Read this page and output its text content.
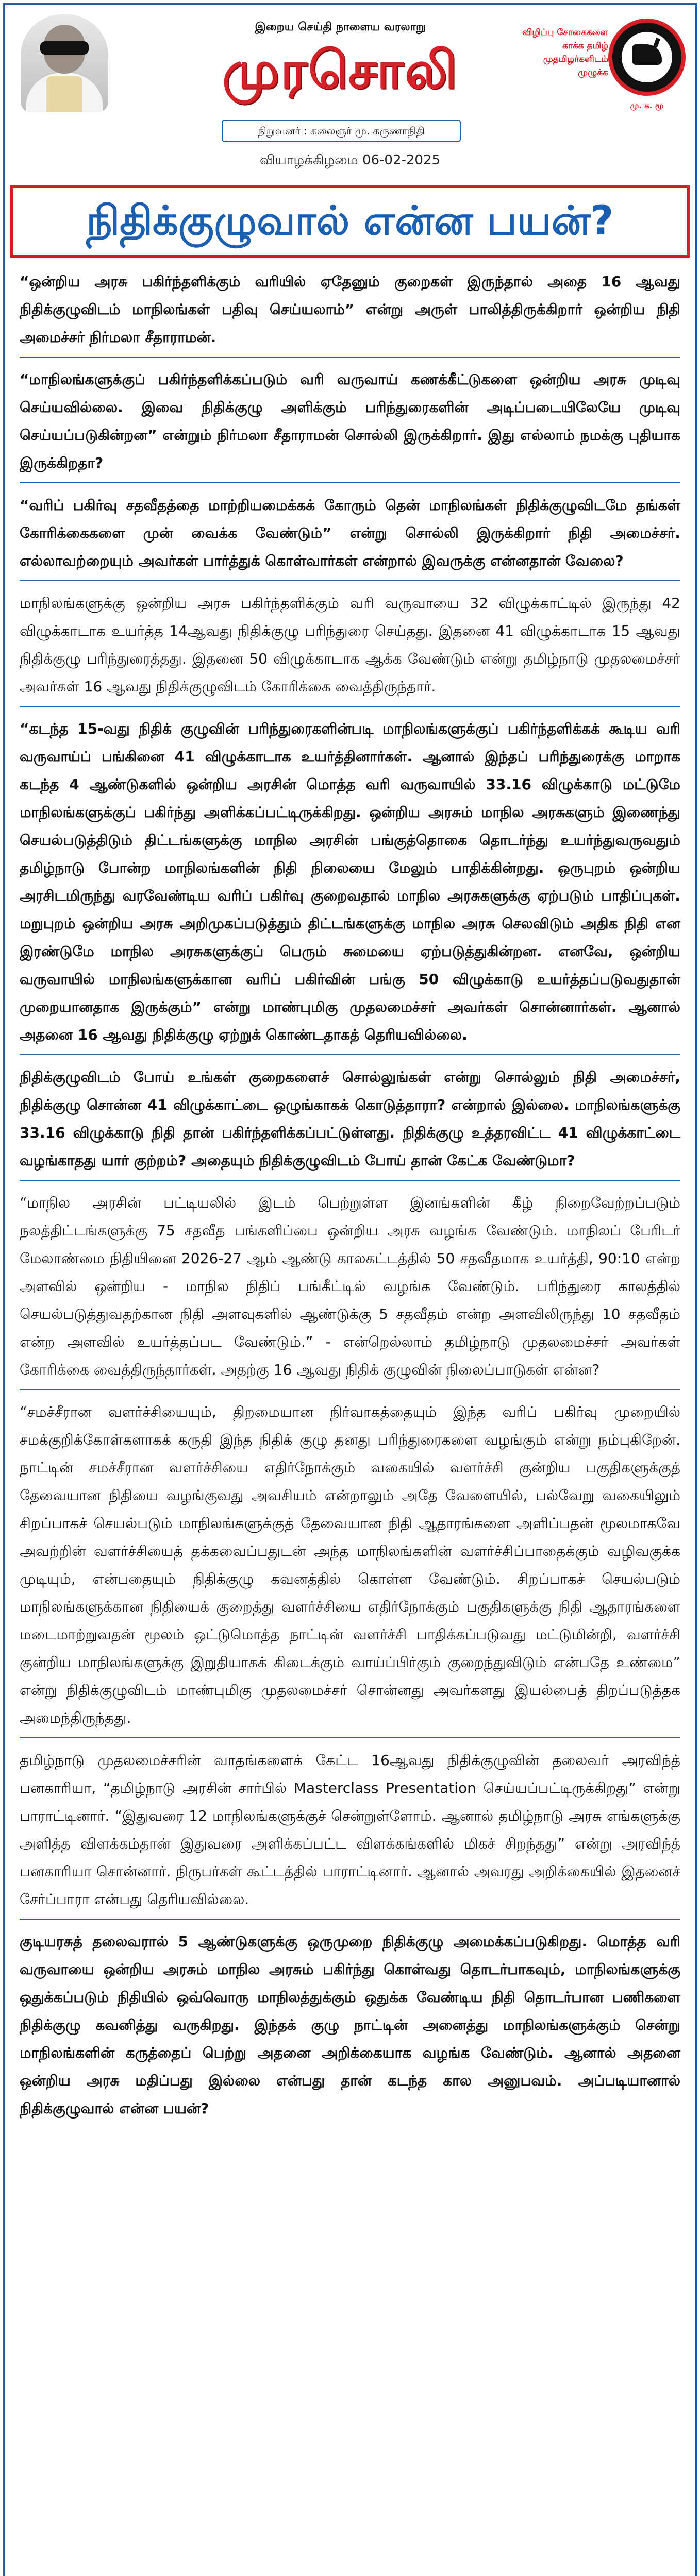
இறைய செய்தி நாளைய வரலாறு
முரசொலி
நிறுவனர் : கலைஞர் மு. கருணாநிதி
விழிப்பு சோகைகளை காக்க தமிழ் முதமிழர்களிடம் முழுக்க
மு. க. மூ
வியாழக்கிழமை 06-02-2025
நிதிக்குழுவால் என்ன பயன்?

“ஒன்றிய அரசு பகிர்ந்தளிக்கும் வரியில் ஏதேனும் குறைகள் இருந்தால் அதை 16 ஆவது நிதிக்குழுவிடம் மாநிலங்கள் பதிவு செய்யலாம்” என்று அருள் பாலித்திருக்கிறார் ஒன்றிய நிதி அமைச்சர் நிர்மலா சீதாராமன்.

“மாநிலங்களுக்குப் பகிர்ந்தளிக்கப்படும் வரி வருவாய் கணக்கீட்டுகளை ஒன்றிய அரசு முடிவு செய்யவில்லை. இவை நிதிக்குழு அளிக்கும் பரிந்துரைகளின் அடிப்படையிலேயே முடிவு செய்யப்படுகின்றன” என்றும் நிர்மலா சீதாராமன் சொல்லி இருக்கிறார். இது எல்லாம் நமக்கு புதியாக இருக்கிறதா?

“வரிப் பகிர்வு சதவீதத்தை மாற்றியமைக்கக் கோரும் தென் மாநிலங்கள் நிதிக்குழுவிடமே தங்கள் கோரிக்கைகளை முன் வைக்க வேண்டும்” என்று சொல்லி இருக்கிறார் நிதி அமைச்சர். எல்லாவற்றையும் அவர்கள் பார்த்துக் கொள்வார்கள் என்றால் இவருக்கு என்னதான் வேலை?

மாநிலங்களுக்கு ஒன்றிய அரசு பகிர்ந்தளிக்கும் வரி வருவாயை 32 விழுக்காட்டில் இருந்து 42 விழுக்காடாக உயர்த்த 14ஆவது நிதிக்குழு பரிந்துரை செய்தது. இதனை 41 விழுக்காடாக 15 ஆவது நிதிக்குழு பரிந்துரைத்தது. இதனை 50 விழுக்காடாக ஆக்க வேண்டும் என்று தமிழ்நாடு முதலமைச்சர் அவர்கள் 16 ஆவது நிதிக்குழுவிடம் கோரிக்கை வைத்திருந்தார்.

“கடந்த 15-வது நிதிக் குழுவின் பரிந்துரைகளின்படி மாநிலங்களுக்குப் பகிர்ந்தளிக்கக் கூடிய வரி வருவாய்ப் பங்கினை 41 விழுக்காடாக உயர்த்தினார்கள். ஆனால் இந்தப் பரிந்துரைக்கு மாறாக கடந்த 4 ஆண்டுகளில் ஒன்றிய அரசின் மொத்த வரி வருவாயில் 33.16 விழுக்காடு மட்டுமே மாநிலங்களுக்குப் பகிர்ந்து அளிக்கப்பட்டிருக்கிறது. ஒன்றிய அரசும் மாநில அரசுகளும் இணைந்து செயல்படுத்திடும் திட்டங்களுக்கு மாநில அரசின் பங்குத்தொகை தொடர்ந்து உயர்ந்துவருவதும் தமிழ்நாடு போன்ற மாநிலங்களின் நிதி நிலையை மேலும் பாதிக்கின்றது. ஒருபுறம் ஒன்றிய அரசிடமிருந்து வரவேண்டிய வரிப் பகிர்வு குறைவதால் மாநில அரசுகளுக்கு ஏற்படும் பாதிப்புகள். மறுபுறம் ஒன்றிய அரசு அறிமுகப்படுத்தும் திட்டங்களுக்கு மாநில அரசு செலவிடும் அதிக நிதி என இரண்டுமே மாநில அரசுகளுக்குப் பெரும் சுமையை ஏற்படுத்துகின்றன. எனவே, ஒன்றிய வருவாயில் மாநிலங்களுக்கான வரிப் பகிர்வின் பங்கு 50 விழுக்காடு உயர்த்தப்படுவதுதான் முறையானதாக இருக்கும்” என்று மாண்புமிகு முதலமைச்சர் அவர்கள் சொன்னார்கள். ஆனால் அதனை 16 ஆவது நிதிக்குழு ஏற்றுக் கொண்டதாகத் தெரியவில்லை.

நிதிக்குழுவிடம் போய் உங்கள் குறைகளைச் சொல்லுங்கள் என்று சொல்லும் நிதி அமைச்சர், நிதிக்குழு சொன்ன 41 விழுக்காட்டை ஒழுங்காகக் கொடுத்தாரா? என்றால் இல்லை. மாநிலங்களுக்கு 33.16 விழுக்காடு நிதி தான் பகிர்ந்தளிக்கப்பட்டுள்ளது. நிதிக்குழு உத்தரவிட்ட 41 விழுக்காட்டை வழங்காதது யார் குற்றம்? அதையும் நிதிக்குழுவிடம் போய் தான் கேட்க வேண்டுமா?

“மாநில அரசின் பட்டியலில் இடம் பெற்றுள்ள இனங்களின் கீழ் நிறைவேற்றப்படும் நலத்திட்டங்களுக்கு 75 சதவீத பங்களிப்பை ஒன்றிய அரசு வழங்க வேண்டும். மாநிலப் பேரிடர் மேலாண்மை நிதியினை 2026-27 ஆம் ஆண்டு காலகட்டத்தில் 50 சதவீதமாக உயர்த்தி, 90:10 என்ற அளவில் ஒன்றிய - மாநில நிதிப் பங்கீட்டில் வழங்க வேண்டும். பரிந்துரை காலத்தில் செயல்படுத்துவதற்கான நிதி அளவுகளில் ஆண்டுக்கு 5 சதவீதம் என்ற அளவிலிருந்து 10 சதவீதம் என்ற அளவில் உயர்த்தப்பட வேண்டும்.” - என்றெல்லாம் தமிழ்நாடு முதலமைச்சர் அவர்கள் கோரிக்கை வைத்திருந்தார்கள். அதற்கு 16 ஆவது நிதிக் குழுவின் நிலைப்பாடுகள் என்ன?

“சமச்சீரான வளர்ச்சியையும், திறமையான நிர்வாகத்தையும் இந்த வரிப் பகிர்வு முறையில் சமக்குறிக்கோள்களாகக் கருதி இந்த நிதிக் குழு தனது பரிந்துரைகளை வழங்கும் என்று நம்புகிறேன். நாட்டின் சமச்சீரான வளர்ச்சியை எதிர்நோக்கும் வகையில் வளர்ச்சி குன்றிய பகுதிகளுக்குத் தேவையான நிதியை வழங்குவது அவசியம் என்றாலும் அதே வேளையில், பல்வேறு வகையிலும் சிறப்பாகச் செயல்படும் மாநிலங்களுக்குத் தேவையான நிதி ஆதாரங்களை அளிப்பதன் மூலமாகவே அவற்றின் வளர்ச்சியைத் தக்கவைப்பதுடன் அந்த மாநிலங்களின் வளர்ச்சிப்பாதைக்கும் வழிவகுக்க முடியும், என்பதையும் நிதிக்குழு கவனத்தில் கொள்ள வேண்டும். சிறப்பாகச் செயல்படும் மாநிலங்களுக்கான நிதியைக் குறைத்து வளர்ச்சியை எதிர்நோக்கும் பகுதிகளுக்கு நிதி ஆதாரங்களை மடைமாற்றுவதன் மூலம் ஒட்டுமொத்த நாட்டின் வளர்ச்சி பாதிக்கப்படுவது மட்டுமின்றி, வளர்ச்சி குன்றிய மாநிலங்களுக்கு இறுதியாகக் கிடைக்கும் வாய்ப்பிர்கும் குறைந்துவிடும் என்பதே உண்மை” என்று நிதிக்குழுவிடம் மாண்புமிகு முதலமைச்சர் சொன்னது அவர்களது இயல்பைத் திறப்படுத்தக அமைந்திருந்தது.

தமிழ்நாடு முதலமைச்சரின் வாதங்களைக் கேட்ட 16ஆவது நிதிக்குழுவின் தலைவர் அரவிந்த் பனகாரியா, “தமிழ்நாடு அரசின் சார்பில் Masterclass Presentation செய்யப்பட்டிருக்கிறது” என்று பாராட்டினார். “இதுவரை 12 மாநிலங்களுக்குச் சென்றுள்ளோம். ஆனால் தமிழ்நாடு அரசு எங்களுக்கு அளித்த விளக்கம்தான் இதுவரை அளிக்கப்பட்ட விளக்கங்களில் மிகச் சிறந்தது” என்று அரவிந்த் பனகாரியா சொன்னார். நிருபர்கள் கூட்டத்தில் பாராட்டினார். ஆனால் அவரது அறிக்கையில் இதனைச் சேர்ப்பாரா என்பது தெரியவில்லை.

குடியரசுத் தலைவரால் 5 ஆண்டுகளுக்கு ஒருமுறை நிதிக்குழு அமைக்கப்படுகிறது. மொத்த வரி வருவாயை ஒன்றிய அரசும் மாநில அரசும் பகிர்ந்து கொள்வது தொடர்பாகவும், மாநிலங்களுக்கு ஒதுக்கப்படும் நிதியில் ஒவ்வொரு மாநிலத்துக்கும் ஒதுக்க வேண்டிய நிதி தொடர்பான பணிகளை நிதிக்குழு கவனித்து வருகிறது. இந்தக் குழு நாட்டின் அனைத்து மாநிலங்களுக்கும் சென்று மாநிலங்களின் கருத்தைப் பெற்று அதனை அறிக்கையாக வழங்க வேண்டும். ஆனால் அதனை ஒன்றிய அரசு மதிப்பது இல்லை என்பது தான் கடந்த கால அனுபவம். அப்படியானால் நிதிக்குழுவால் என்ன பயன்?
